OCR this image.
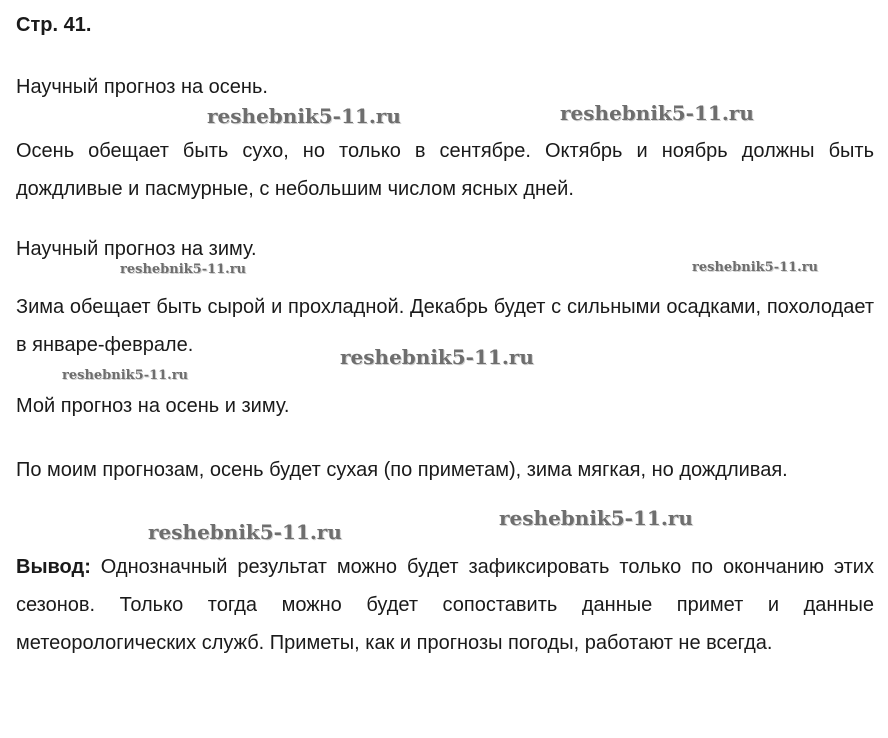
Стр. 41.

Научный прогноз на осень.

Осень обещает быть сухо, но только в сентябре. Октябрь и ноябрь должны быть дождливые и пасмурные, с небольшим числом ясных дней.

Научный прогноз на зиму.

Зима обещает быть сырой и прохладной. Декабрь будет с сильными осадками, похолодает в январе-феврале.

Мой прогноз на осень и зиму.

По моим прогнозам, осень будет сухая (по приметам), зима мягкая, но дождливая.

Вывод: Однозначный результат можно будет зафиксировать только по окончанию этих сезонов. Только тогда можно будет сопоставить данные примет и данные метеорологических служб. Приметы, как и прогнозы погоды, работают не всегда.

reshebnik5-11.ru	reshebnik5-11.ru
reshebnik5-11.ru	reshebnik5-11.ru
reshebnik5-11.ru
reshebnik5-11.ru
reshebnik5-11.ru
reshebnik5-11.ru
